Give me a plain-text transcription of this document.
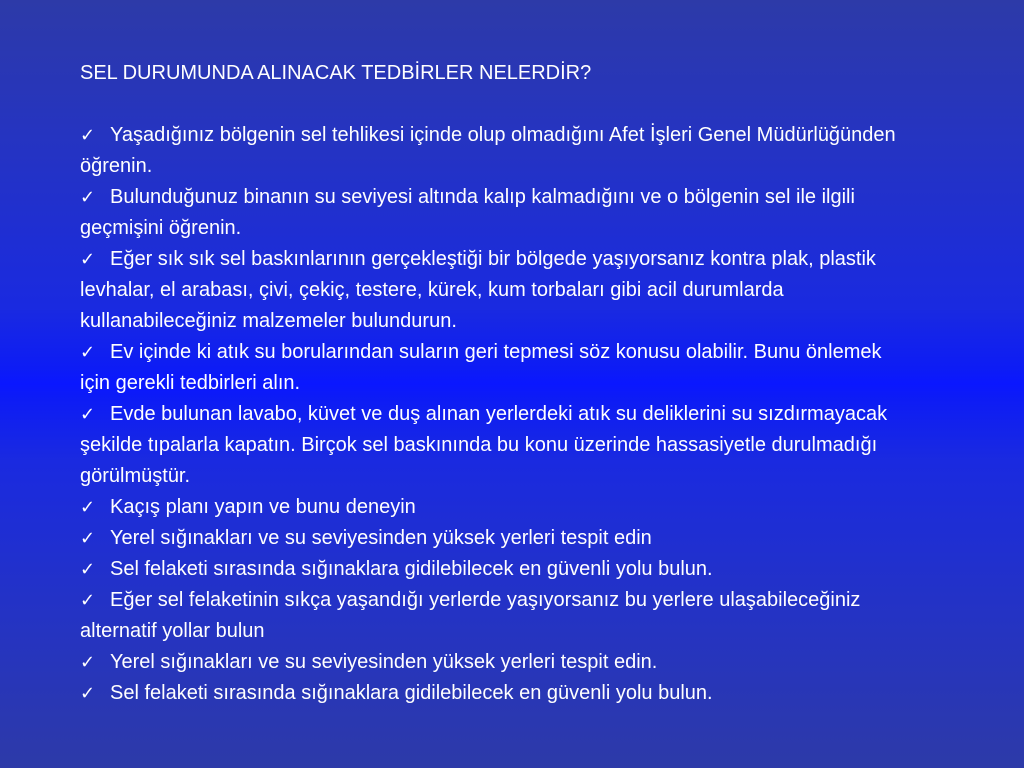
SEL DURUMUNDA ALINACAK TEDBİRLER NELERDİR?
✓ Yaşadığınız bölgenin sel tehlikesi içinde olup olmadığını Afet İşleri Genel Müdürlüğünden öğrenin.
✓ Bulunduğunuz binanın su seviyesi altında kalıp kalmadığını ve o bölgenin sel ile ilgili geçmişini öğrenin.
✓ Eğer sık sık sel baskınlarının gerçekleştiği bir bölgede yaşıyorsanız kontra plak, plastik levhalar, el arabası, çivi, çekiç, testere, kürek, kum torbaları gibi acil durumlarda kullanabileceğiniz malzemeler bulundurun.
✓ Ev içinde ki atık su borularından suların geri tepmesi söz konusu olabilir. Bunu önlemek için gerekli tedbirleri alın.
✓ Evde bulunan lavabo, küvet ve duş alınan yerlerdeki atık su deliklerini su sızdırmayacak şekilde tıpalarla kapatın. Birçok sel baskınında bu konu üzerinde hassasiyetle durulmadığı görülmüştür.
✓ Kaçış planı yapın ve bunu deneyin
✓ Yerel sığınakları ve su seviyesinden yüksek yerleri tespit edin
✓ Sel felaketi sırasında sığınaklara gidilebilecek en güvenli yolu bulun.
✓ Eğer sel felaketinin sıkça yaşandığı yerlerde yaşıyorsanız bu yerlere ulaşabileceğiniz alternatif yollar bulun
✓ Yerel sığınakları ve su seviyesinden yüksek yerleri tespit edin.
✓ Sel felaketi sırasında sığınaklara gidilebilecek en güvenli yolu bulun.
